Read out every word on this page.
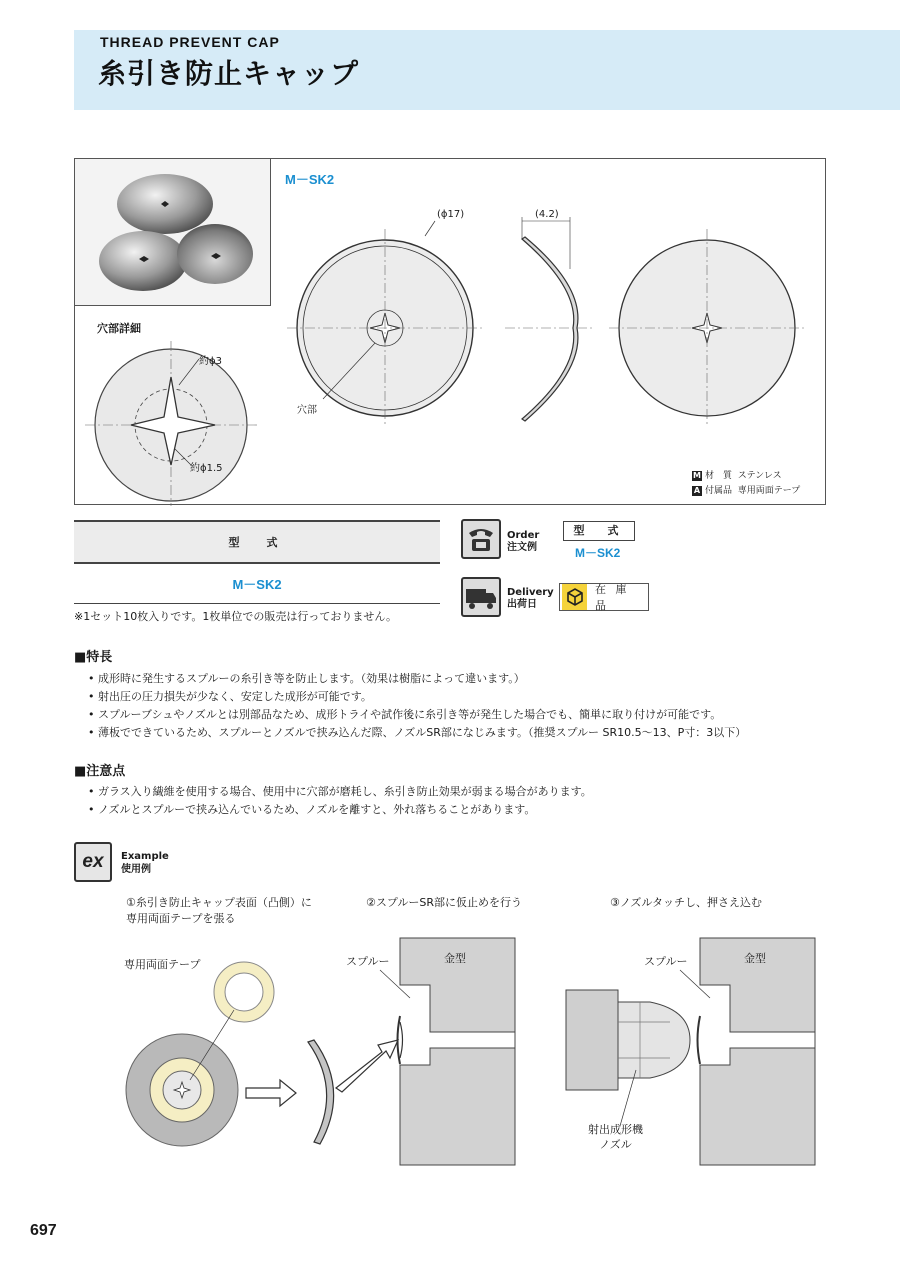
THREAD PREVENT CAP
糸引き防止キャップ
M－SK2
穴部詳細
(ϕ17)	(4.2)
穴部
約ϕ3
約ϕ1.5
M 材　質 ステンレス
A 付属品 専用両面テープ
型　式
M－SK2
※1セット10枚入りです。1枚単位での販売は行っておりません。
Order
注文例
型　式
M－SK2
Delivery
出荷日
在 庫 品
■特長
• 成形時に発生するスプルーの糸引き等を防止します。（効果は樹脂によって違います。）
• 射出圧の圧力損失が少なく、安定した成形が可能です。
• スプルーブシュやノズルとは別部品なため、成形トライや試作後に糸引き等が発生した場合でも、簡単に取り付けが可能です。
• 薄板でできているため、スプルーとノズルで挟み込んだ際、ノズルSR部になじみます。（推奨スプルー SR10.5〜13、P寸：3以下）
■注意点
• ガラス入り繊維を使用する場合、使用中に穴部が磨耗し、糸引き防止効果が弱まる場合があります。
• ノズルとスプルーで挟み込んでいるため、ノズルを離すと、外れ落ちることがあります。
ex	Example
使用例
①糸引き防止キャップ表面（凸側）に
専用両面テープを張る
②スプルーSR部に仮止めを行う	③ノズルタッチし、押さえ込む
専用両面テープ	スプルー	金型	スプルー	金型
射出成形機
ノズル
697
